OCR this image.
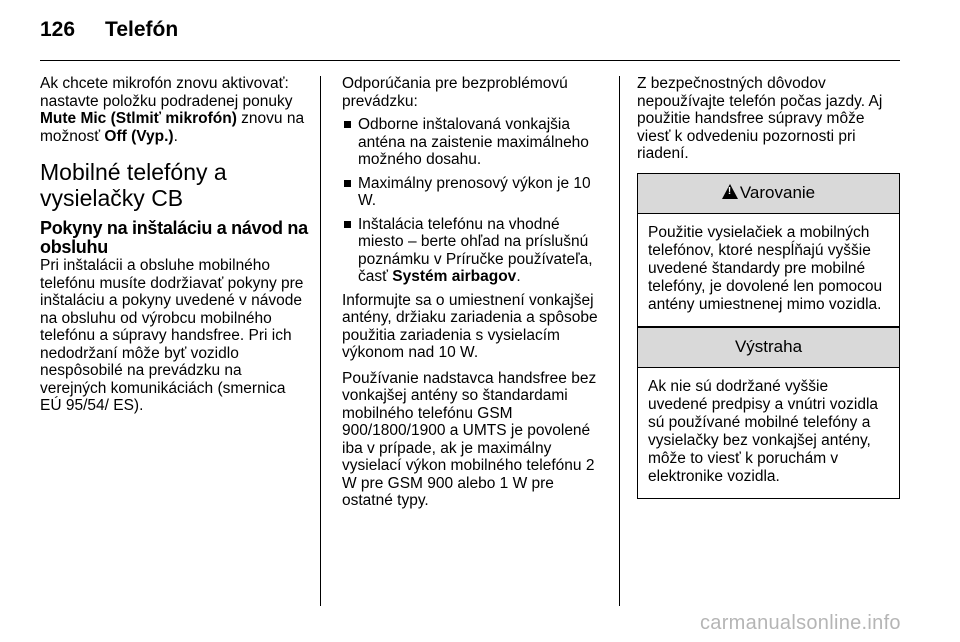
126 Telefón

Ak chcete mikrofón znovu aktivovať: nastavte položku podradenej ponuky Mute Mic (Stlmiť mikrofón) znovu na možnosť Off (Vyp.).

Mobilné telefóny a vysielačky CB
Pokyny na inštaláciu a návod na obsluhu

Pri inštalácii a obsluhe mobilného telefónu musíte dodržiavať pokyny pre inštaláciu a pokyny uvedené v návode na obsluhu od výrobcu mobilného telefónu a súpravy handsfree. Pri ich nedodržaní môže byť vozidlo nespôsobilé na prevádzku na verejných komunikáciách (smernica EÚ 95/54/ ES).

Odporúčania pre bezproblémovú prevádzku:

Odborne inštalovaná vonkajšia anténa na zaistenie maximálneho možného dosahu.
Maximálny prenosový výkon je 10 W.
Inštalácia telefónu na vhodné miesto – berte ohľad na príslušnú poznámku v Príručke používateľa, časť Systém airbagov.

Informujte sa o umiestnení vonkajšej antény, držiaku zariadenia a spôsobe použitia zariadenia s vysielacím výkonom nad 10 W.

Používanie nadstavca handsfree bez vonkajšej antény so štandardami mobilného telefónu GSM 900/1800/1900 a UMTS je povolené iba v prípade, ak je maximálny vysielací výkon mobilného telefónu 2 W pre GSM 900 alebo 1 W pre ostatné typy.

Z bezpečnostných dôvodov nepoužívajte telefón počas jazdy. Aj použitie handsfree súpravy môže viesť k odvedeniu pozornosti pri riadení.

!Varovanie
Použitie vysielačiek a mobilných telefónov, ktoré nespĺňajú vyššie uvedené štandardy pre mobilné telefóny, je dovolené len pomocou antény umiestnenej mimo vozidla.
Výstraha
Ak nie sú dodržané vyššie uvedené predpisy a vnútri vozidla sú používané mobilné telefóny a vysielačky bez vonkajšej antény, môže to viesť k poruchám v elektronike vozidla.
carmanualsonline.info
